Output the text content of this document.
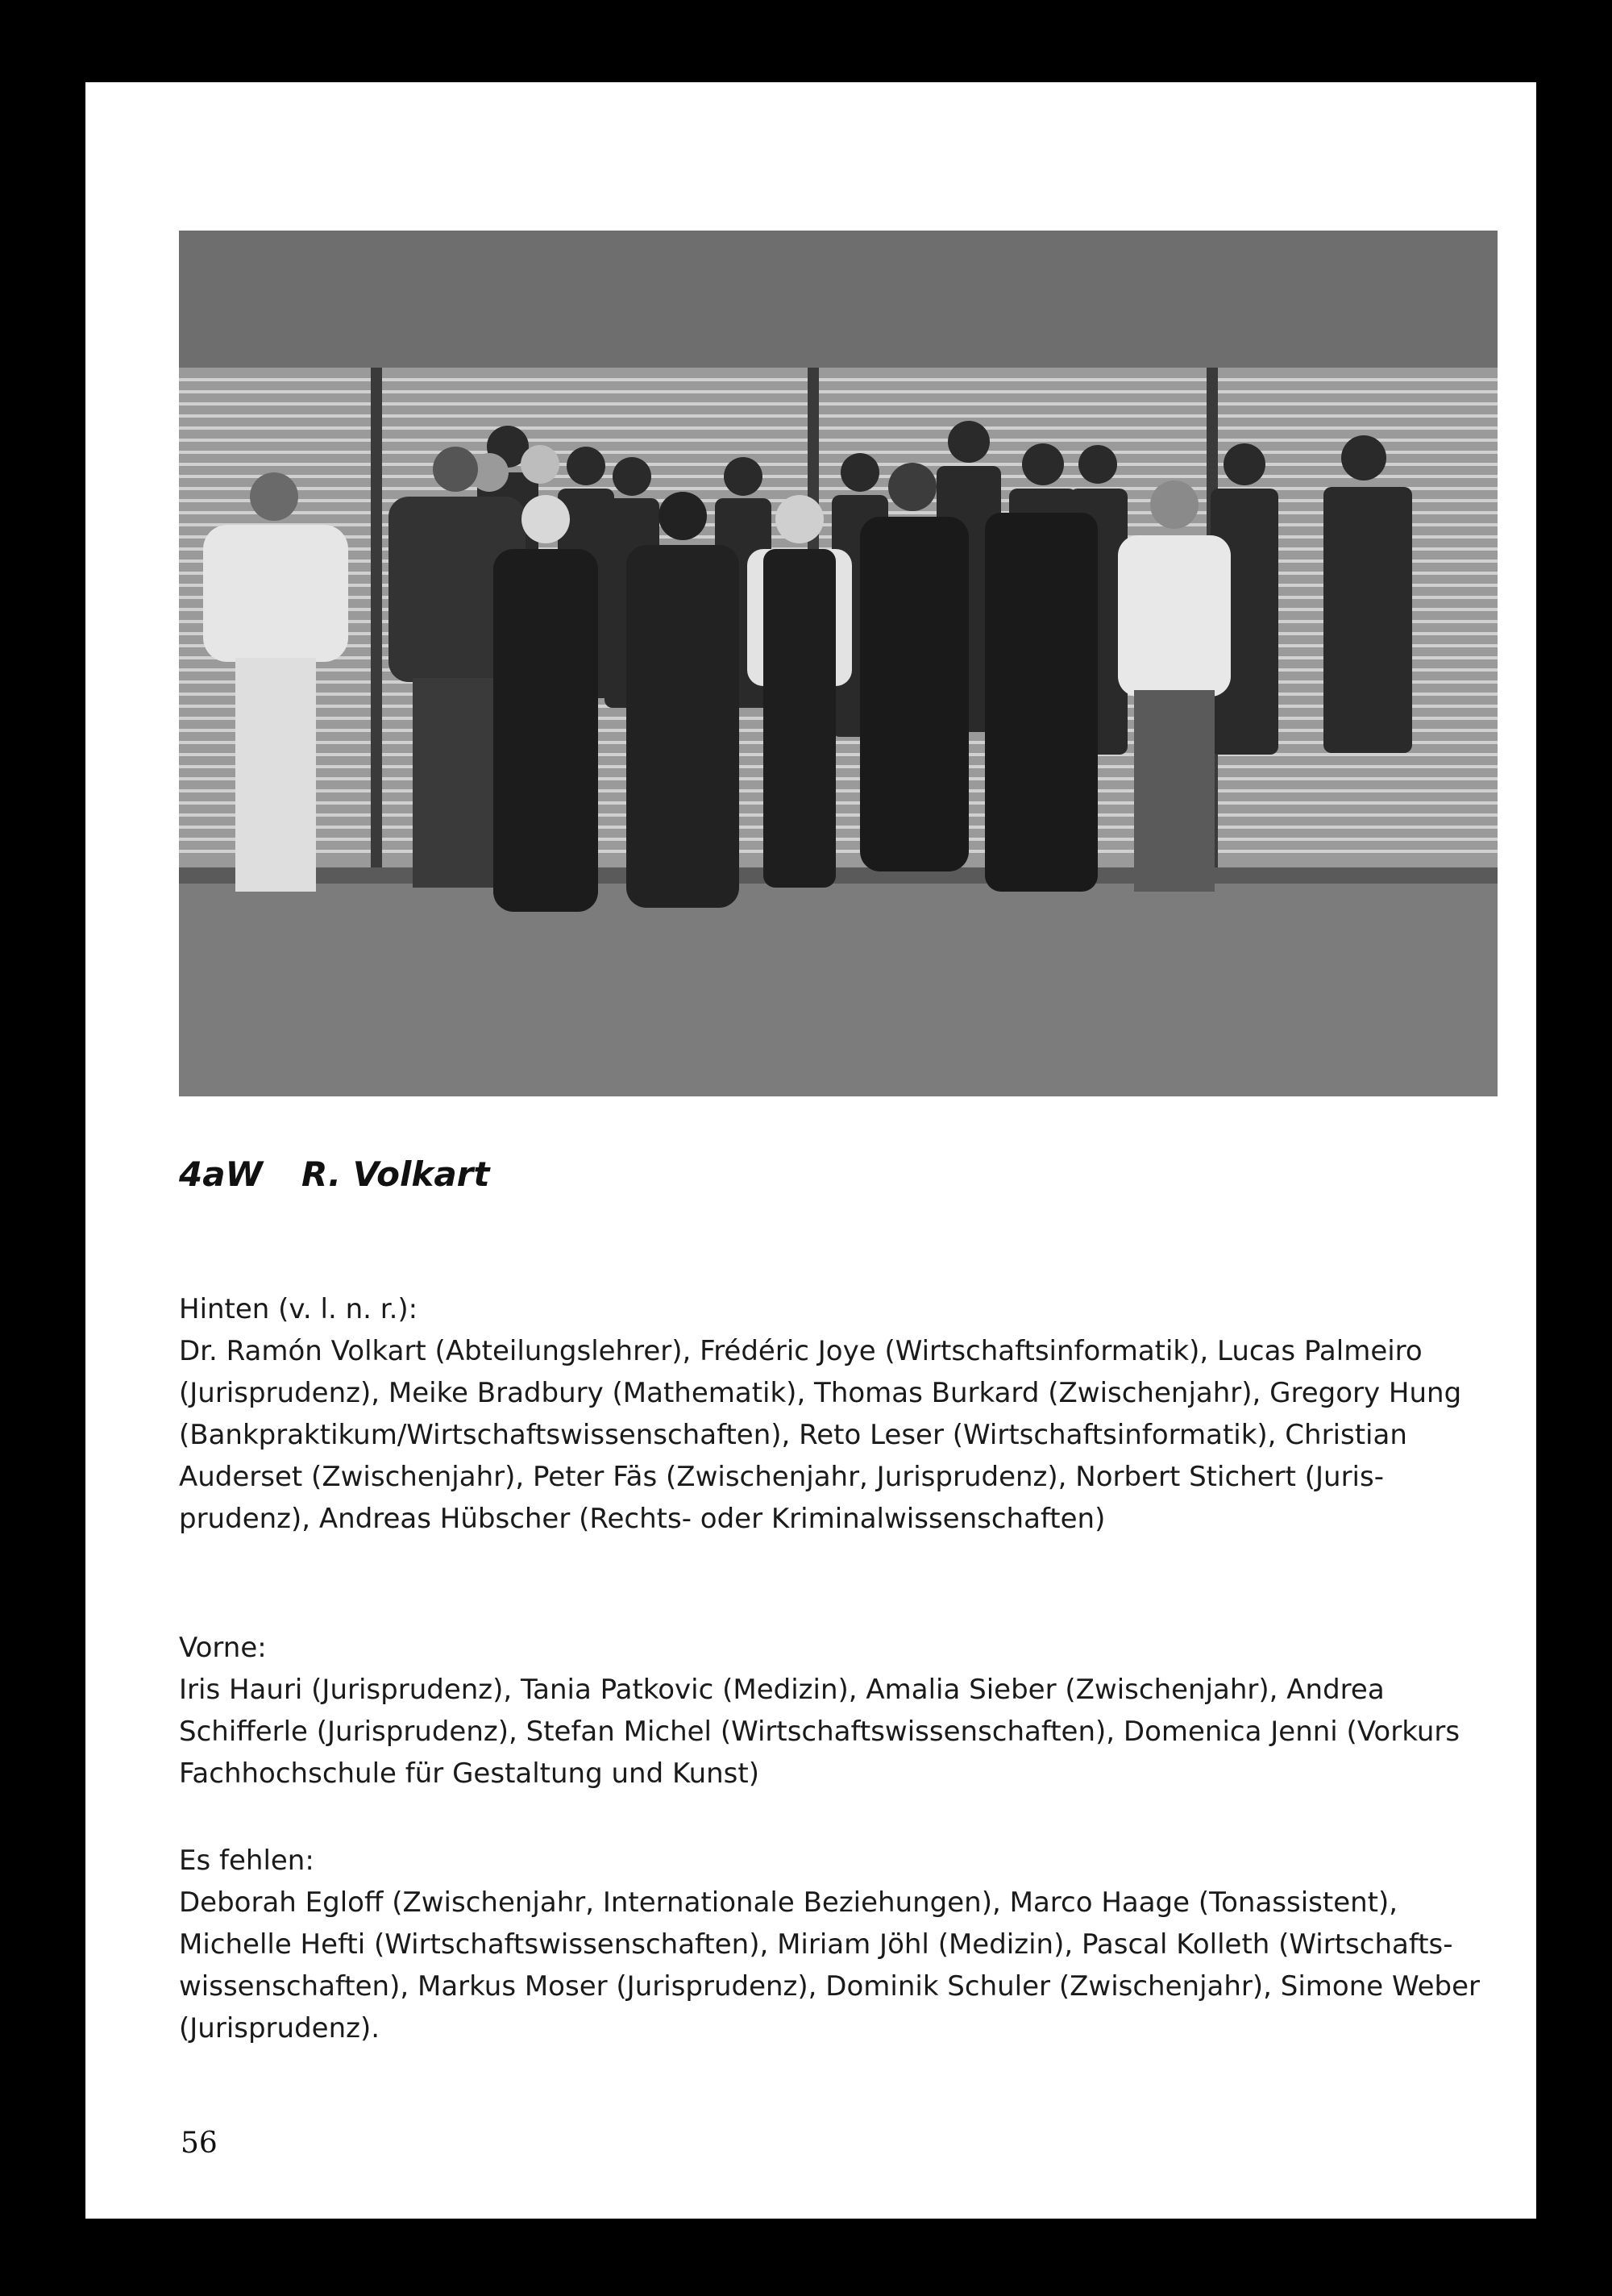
4aW R. Volkart
Hinten (v. l. n. r.):

Dr. Ramón Volkart (Abteilungslehrer), Frédéric Joye (Wirtschaftsinformatik), Lucas Palmeiro (Jurisprudenz), Meike Bradbury (Mathematik), Thomas Burkard (Zwischenjahr), Gregory Hung (Bankpraktikum/Wirtschaftswissenschaften), Reto Leser (Wirtschaftsinformatik), Christian Auderset (Zwischenjahr), Peter Fäs (Zwischenjahr, Jurisprudenz), Norbert Stichert (Juris-prudenz), Andreas Hübscher (Rechts- oder Kriminalwissenschaften)

Vorne:

Iris Hauri (Jurisprudenz), Tania Patkovic (Medizin), Amalia Sieber (Zwischenjahr), Andrea Schifferle (Jurisprudenz), Stefan Michel (Wirtschaftswissenschaften), Domenica Jenni (Vorkurs Fachhochschule für Gestaltung und Kunst)

Es fehlen:

Deborah Egloff (Zwischenjahr, Internationale Beziehungen), Marco Haage (Tonassistent), Michelle Hefti (Wirtschaftswissenschaften), Miriam Jöhl (Medizin), Pascal Kolleth (Wirtschafts-wissenschaften), Markus Moser (Jurisprudenz), Dominik Schuler (Zwischenjahr), Simone Weber (Jurisprudenz).

56
